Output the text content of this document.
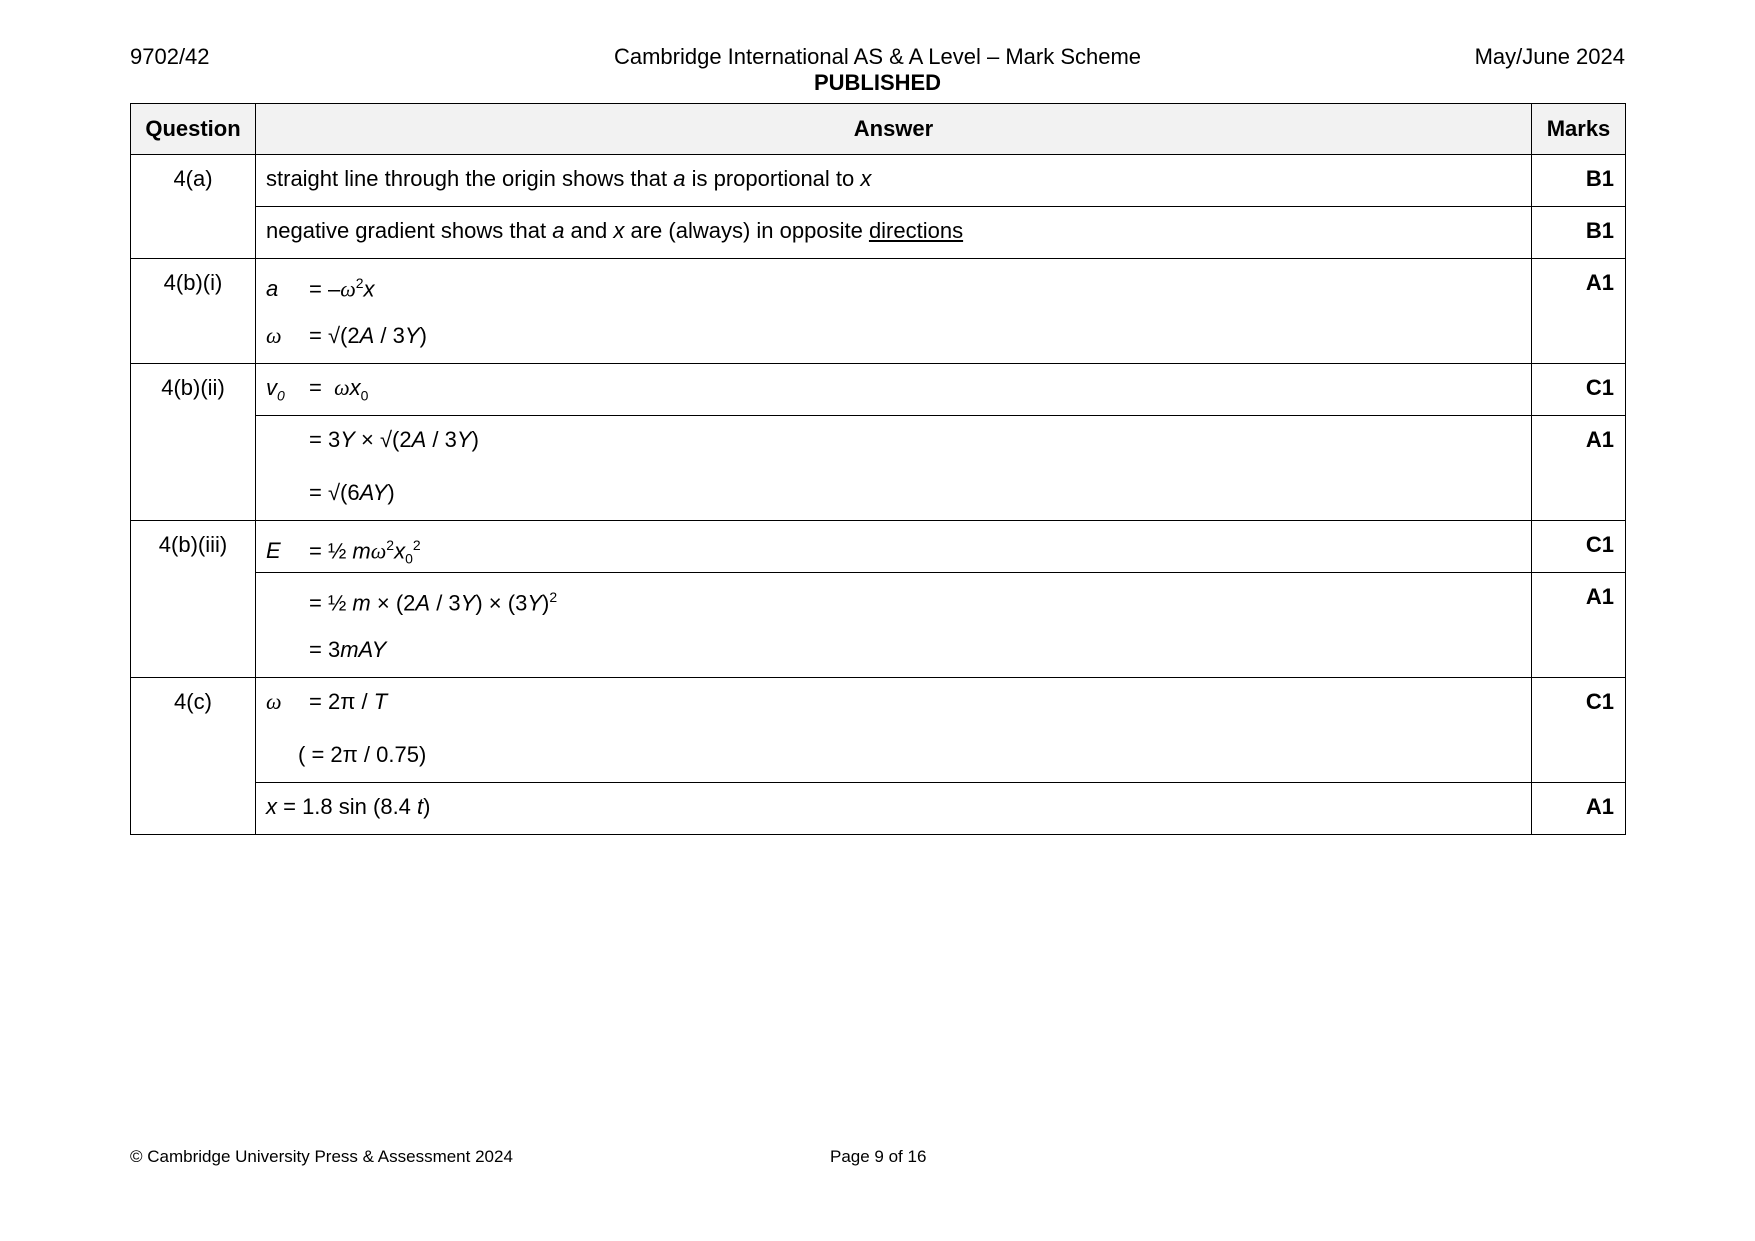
9702/42	Cambridge International AS & A Level – Mark Scheme
PUBLISHED
May/June 2024
Question	Answer	Marks
4(a)	straight line through the origin shows that a is proportional to x	B1

	negative gradient shows that a and x are (always) in opposite directions	B1
4(b)(i)	$a = -\omega^2x$
ω = √(2A / 3Y)	A1
4(b)(ii)	$v_0 = \omega x_0$	C1

	= 3Y × √(2A / 3Y)
= √(6AY)	A1
4(b)(iii)	E = ½ $m\omega^2x_0^2$	C1

	= ½ $m \times (2A / 3Y) \times (3Y)^2$
= 3mAY	A1
4(c)	ω = 2π / T
( = 2π / 0.75)	C1

	x = 1.8 sin (8.4 t)	A1
© Cambridge University Press & Assessment 2024	Page 9 of 16
